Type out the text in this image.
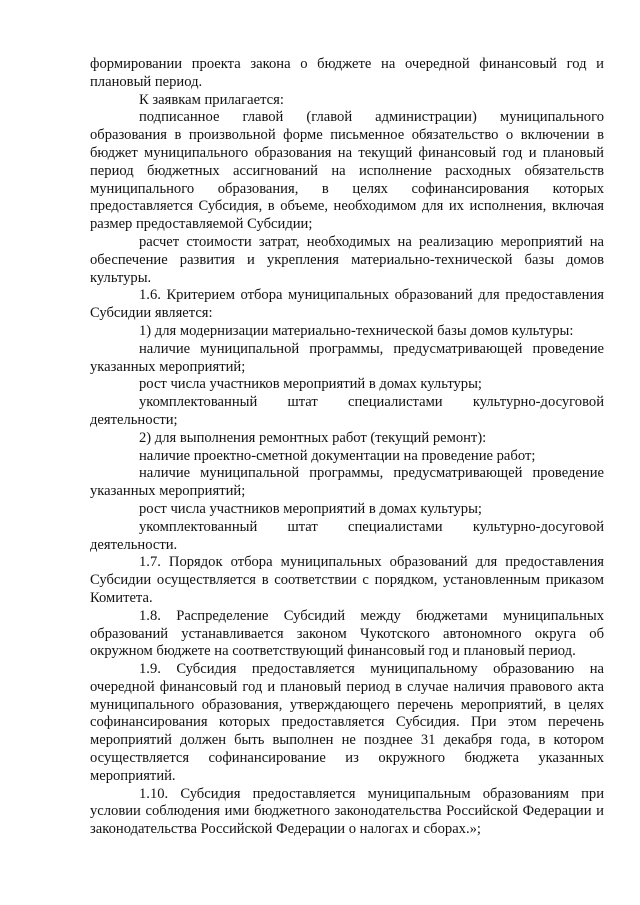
формировании проекта закона о бюджете на очередной финансовый год и плановый период.

К заявкам прилагается:

подписанное главой (главой администрации) муниципального образования в произвольной форме письменное обязательство о включении в бюджет муниципального образования на текущий финансовый год и плановый период бюджетных ассигнований на исполнение расходных обязательств муниципального образования, в целях софинансирования которых предоставляется Субсидия, в объеме, необходимом для их исполнения, включая размер предоставляемой Субсидии;

расчет стоимости затрат, необходимых на реализацию мероприятий на обеспечение развития и укрепления материально-технической базы домов культуры.

1.6. Критерием отбора муниципальных образований для предоставления Субсидии является:

1) для модернизации материально-технической базы домов культуры:

наличие муниципальной программы, предусматривающей проведение указанных мероприятий;

рост числа участников мероприятий в домах культуры;

укомплектованный штат специалистами культурно-досуговой деятельности;

2) для выполнения ремонтных работ (текущий ремонт):

наличие проектно-сметной документации на проведение работ;

наличие муниципальной программы, предусматривающей проведение указанных мероприятий;

рост числа участников мероприятий в домах культуры;

укомплектованный штат специалистами культурно-досуговой деятельности.

1.7. Порядок отбора муниципальных образований для предоставления Субсидии осуществляется в соответствии с порядком, установленным приказом Комитета.

1.8. Распределение Субсидий между бюджетами муниципальных образований устанавливается законом Чукотского автономного округа об окружном бюджете на соответствующий финансовый год и плановый период.

1.9. Субсидия предоставляется муниципальному образованию на очередной финансовый год и плановый период в случае наличия правового акта муниципального образования, утверждающего перечень мероприятий, в целях софинансирования которых предоставляется Субсидия. При этом перечень мероприятий должен быть выполнен не позднее 31 декабря года, в котором осуществляется софинансирование из окружного бюджета указанных мероприятий.

1.10. Субсидия предоставляется муниципальным образованиям при условии соблюдения ими бюджетного законодательства Российской Федерации и законодательства Российской Федерации о налогах и сборах.»;
